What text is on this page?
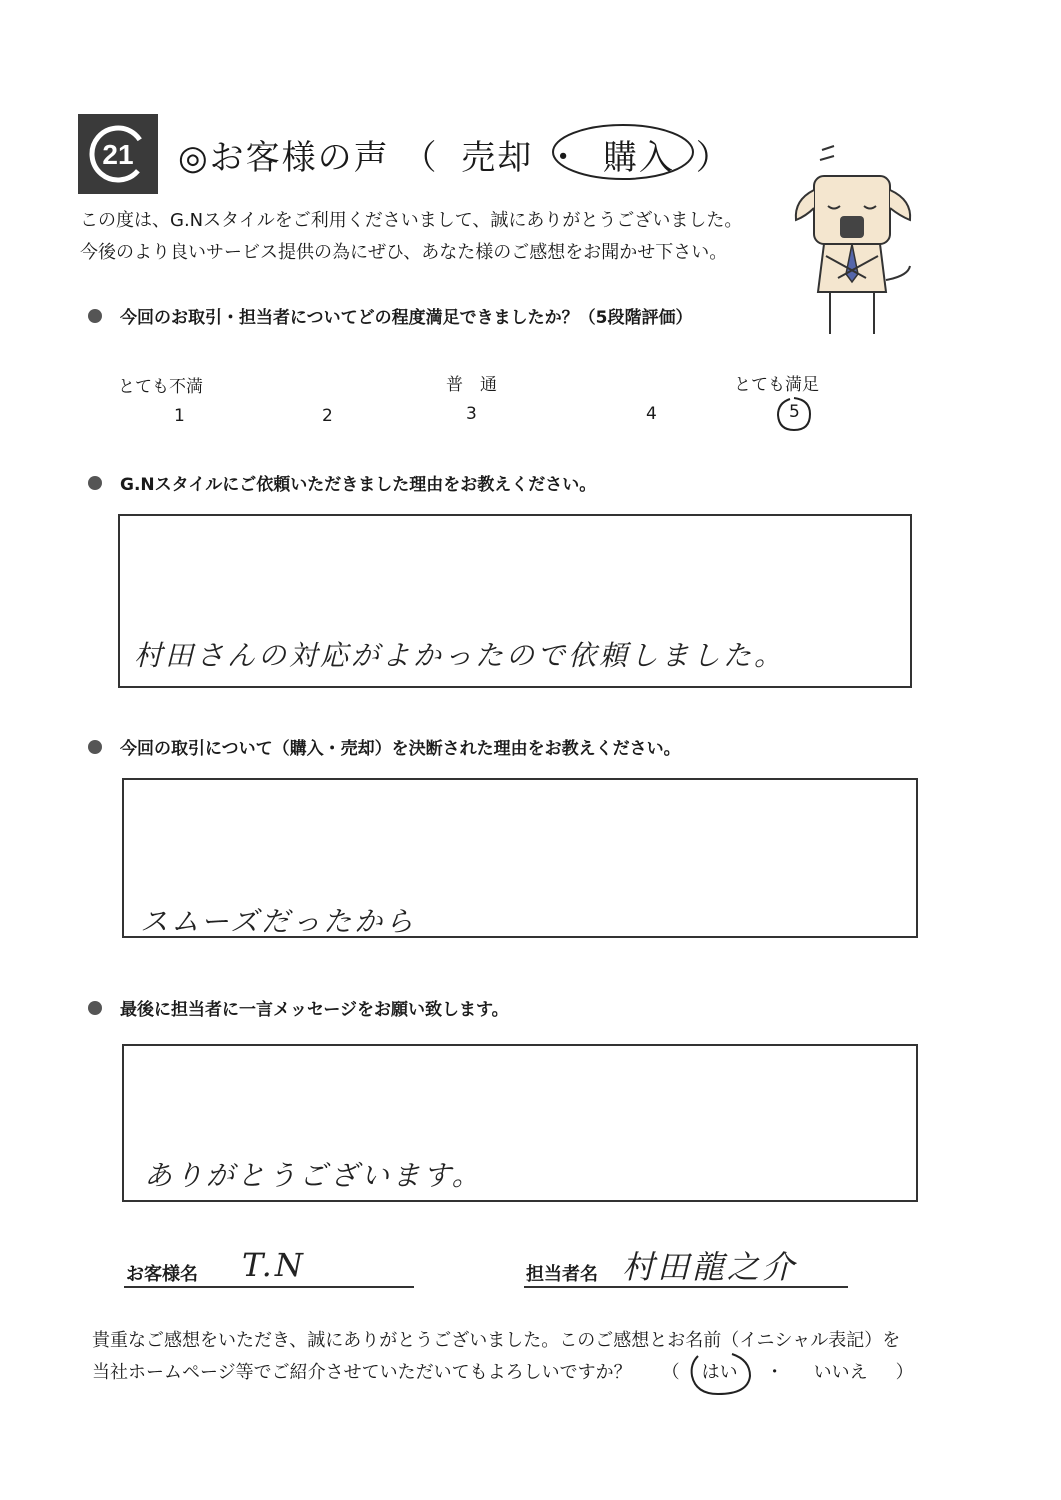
21 ◎お客様の声 （ 売却 ・ 購入 ）
この度は、G.Nスタイルをご利用くださいまして、誠にありがとうございました。
今後のより良いサービス提供の為にぜひ、あなた様のご感想をお聞かせ下さい。
今回のお取引・担当者についてどの程度満足できましたか？（5段階評価）
とても不満	普　通	とても満足
1	2	3	4	5
G.Nスタイルにご依頼いただきました理由をお教えください。
村田さんの対応がよかったので依頼しました。
今回の取引について（購入・売却）を決断された理由をお教えください。
スムーズだったから
最後に担当者に一言メッセージをお願い致します。
ありがとうございます。
お客様名 T.N	担当者名 村田龍之介
貴重なご感想をいただき、誠にありがとうございました。このご感想とお名前（イニシャル表記）を
当社ホームページ等でご紹介させていただいてもよろしいですか？ （ はい ・ いいえ ）
